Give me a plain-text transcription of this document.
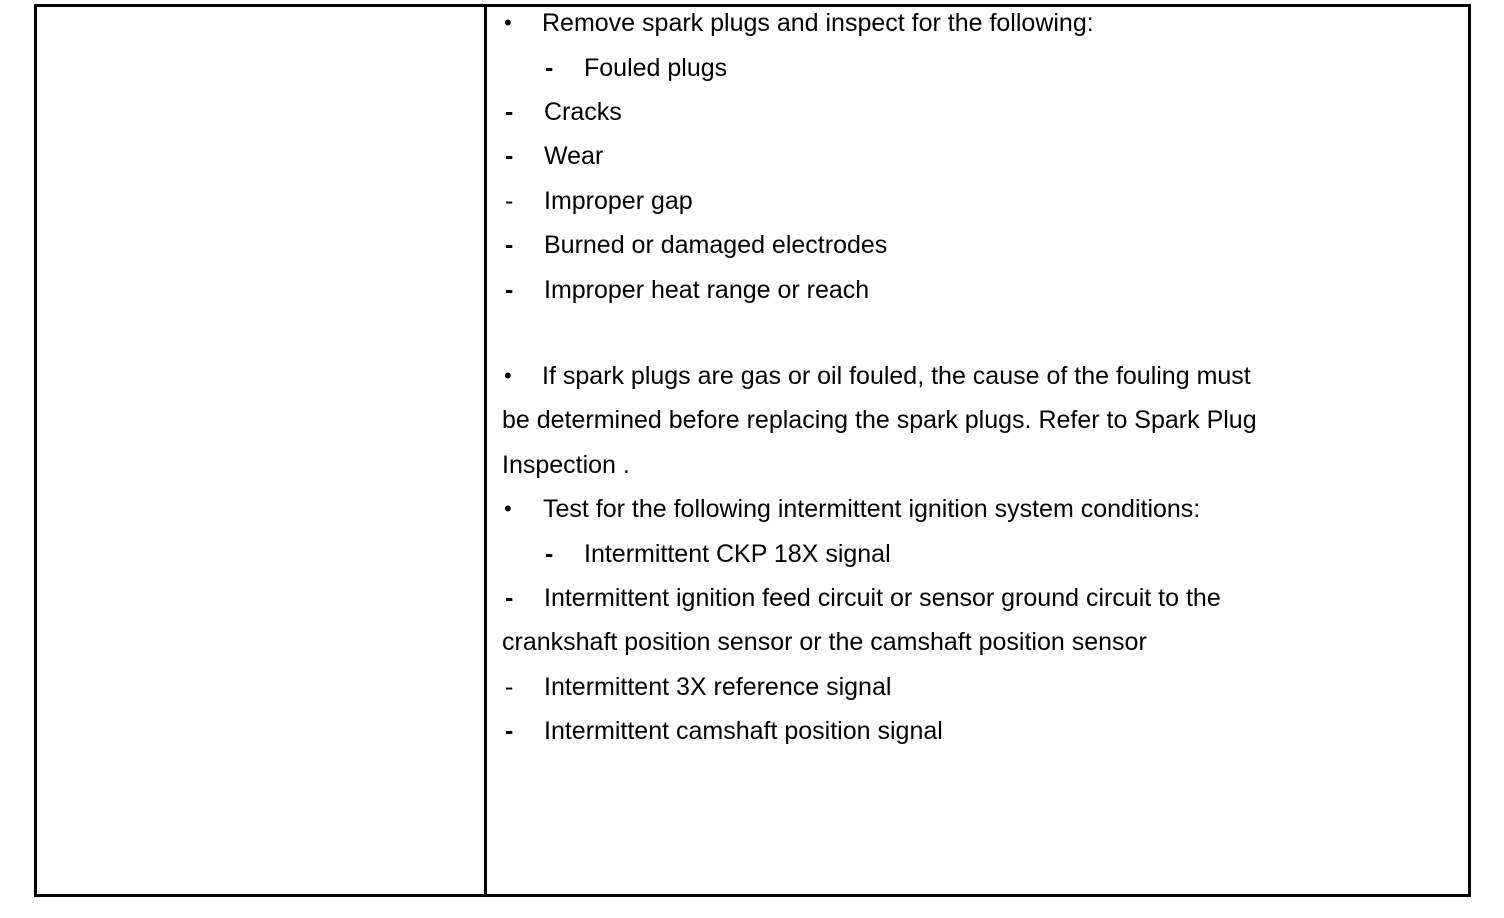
• Remove spark plugs and inspect for the following:
- Fouled plugs
- Cracks
- Wear
- Improper gap
- Burned or damaged electrodes
- Improper heat range or reach
• If spark plugs are gas or oil fouled, the cause of the fouling must
be determined before replacing the spark plugs. Refer to Spark Plug
Inspection .
• Test for the following intermittent ignition system conditions:
- Intermittent CKP 18X signal
- Intermittent ignition feed circuit or sensor ground circuit to the
crankshaft position sensor or the camshaft position sensor
- Intermittent 3X reference signal
- Intermittent camshaft position signal
